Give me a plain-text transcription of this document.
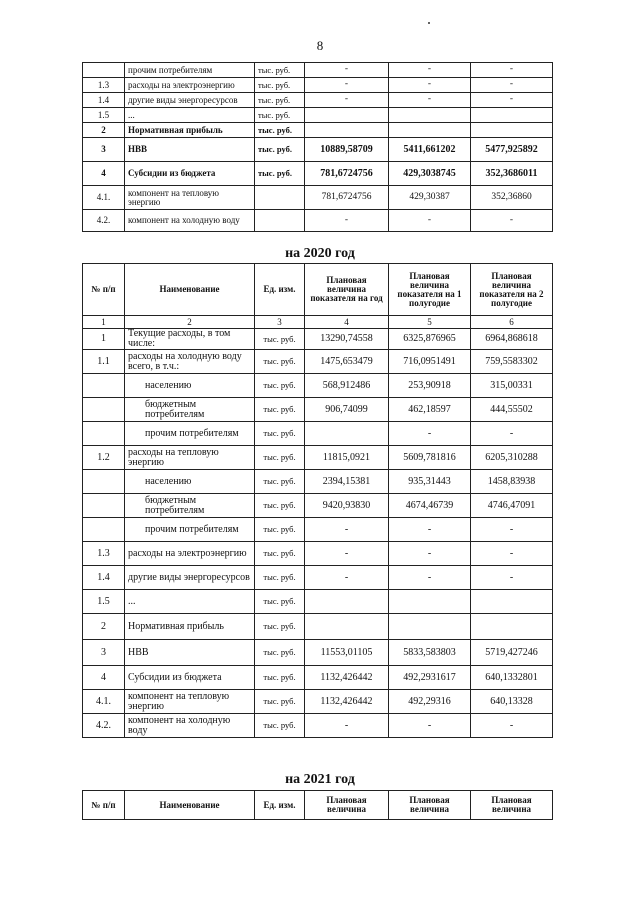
8
	прочим потребителям	тыс. руб.	-	-	-
1.3	расходы на электроэнергию	тыс. руб.	-	-	-
1.4	другие виды энергоресурсов	тыс. руб.	-	-	-
1.5	...	тыс. руб.			
2	Нормативная прибыль	тыс. руб.			
3	НВВ	тыс. руб.	10889,58709	5411,661202	5477,925892
4	Субсидии из бюджета	тыс. руб.	781,6724756	429,3038745	352,3686011
4.1.	компонент на тепловую энергию		781,6724756	429,30387	352,36860
4.2.	компонент на холодную воду		-	-	-
на 2020 год
№ п/п	Наименование	Ед. изм.	Плановая величина показателя на год	Плановая величина показателя на 1 полугодие	Плановая величина показателя на 2 полугодие
1	2	3	4	5	6
1	Текущие расходы, в том числе:	тыс. руб.	13290,74558	6325,876965	6964,868618
1.1	расходы на холодную воду всего, в т.ч.:	тыс. руб.	1475,653479	716,0951491	759,5583302
	населению	тыс. руб.	568,912486	253,90918	315,00331
	бюджетным потребителям	тыс. руб.	906,74099	462,18597	444,55502
	прочим потребителям	тыс. руб.		-	-
1.2	расходы на тепловую энергию	тыс. руб.	11815,0921	5609,781816	6205,310288
	населению	тыс. руб.	2394,15381	935,31443	1458,83938
	бюджетным потребителям	тыс. руб.	9420,93830	4674,46739	4746,47091
	прочим потребителям	тыс. руб.	-	-	-
1.3	расходы на электроэнергию	тыс. руб.	-	-	-
1.4	другие виды энергоресурсов	тыс. руб.	-	-	-
1.5	...	тыс. руб.			
2	Нормативная прибыль	тыс. руб.			
3	НВВ	тыс. руб.	11553,01105	5833,583803	5719,427246
4	Субсидии из бюджета	тыс. руб.	1132,426442	492,2931617	640,1332801
4.1.	компонент на тепловую энергию	тыс. руб.	1132,426442	492,29316	640,13328
4.2.	компонент на холодную воду	тыс. руб.	-	-	-
на 2021 год
№ п/п	Наименование	Ед. изм.	Плановая величина	Плановая величина	Плановая величина
